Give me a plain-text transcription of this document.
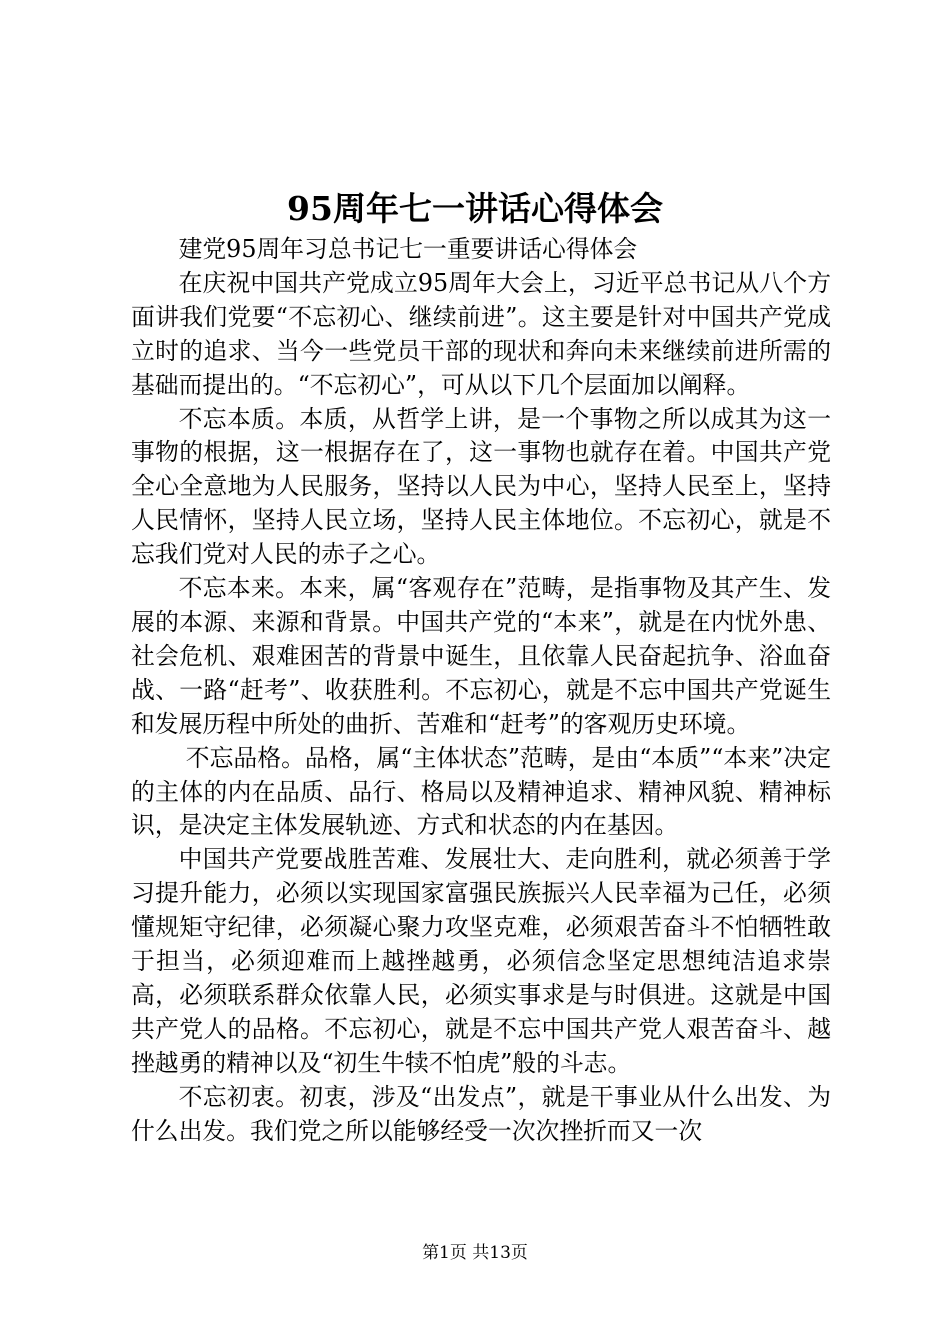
95周年七一讲话心得体会

建党95周年习总书记七一重要讲话心得体会

在庆祝中国共产党成立95周年大会上，习近平总书记从八个方面讲我们党要“不忘初心、继续前进”。这主要是针对中国共产党成立时的追求、当今一些党员干部的现状和奔向未来继续前进所需的基础而提出的。“不忘初心”，可从以下几个层面加以阐释。

不忘本质。本质，从哲学上讲，是一个事物之所以成其为这一事物的根据，这一根据存在了，这一事物也就存在着。中国共产党全心全意地为人民服务，坚持以人民为中心，坚持人民至上，坚持人民情怀，坚持人民立场，坚持人民主体地位。不忘初心，就是不忘我们党对人民的赤子之心。

不忘本来。本来，属“客观存在”范畴，是指事物及其产生、发展的本源、来源和背景。中国共产党的“本来”，就是在内忧外患、社会危机、艰难困苦的背景中诞生，且依靠人民奋起抗争、浴血奋战、一路“赶考”、收获胜利。不忘初心，就是不忘中国共产党诞生和发展历程中所处的曲折、苦难和“赶考”的客观历史环境。

不忘品格。品格，属“主体状态”范畴，是由“本质”“本来”决定的主体的内在品质、品行、格局以及精神追求、精神风貌、精神标识，是决定主体发展轨迹、方式和状态的内在基因。

中国共产党要战胜苦难、发展壮大、走向胜利，就必须善于学习提升能力，必须以实现国家富强民族振兴人民幸福为己任，必须懂规矩守纪律，必须凝心聚力攻坚克难，必须艰苦奋斗不怕牺牲敢于担当，必须迎难而上越挫越勇，必须信念坚定思想纯洁追求崇高，必须联系群众依靠人民，必须实事求是与时俱进。这就是中国共产党人的品格。不忘初心，就是不忘中国共产党人艰苦奋斗、越挫越勇的精神以及“初生牛犊不怕虎”般的斗志。

不忘初衷。初衷，涉及“出发点”，就是干事业从什么出发、为什么出发。我们党之所以能够经受一次次挫折而又一次

第1页 共13页
